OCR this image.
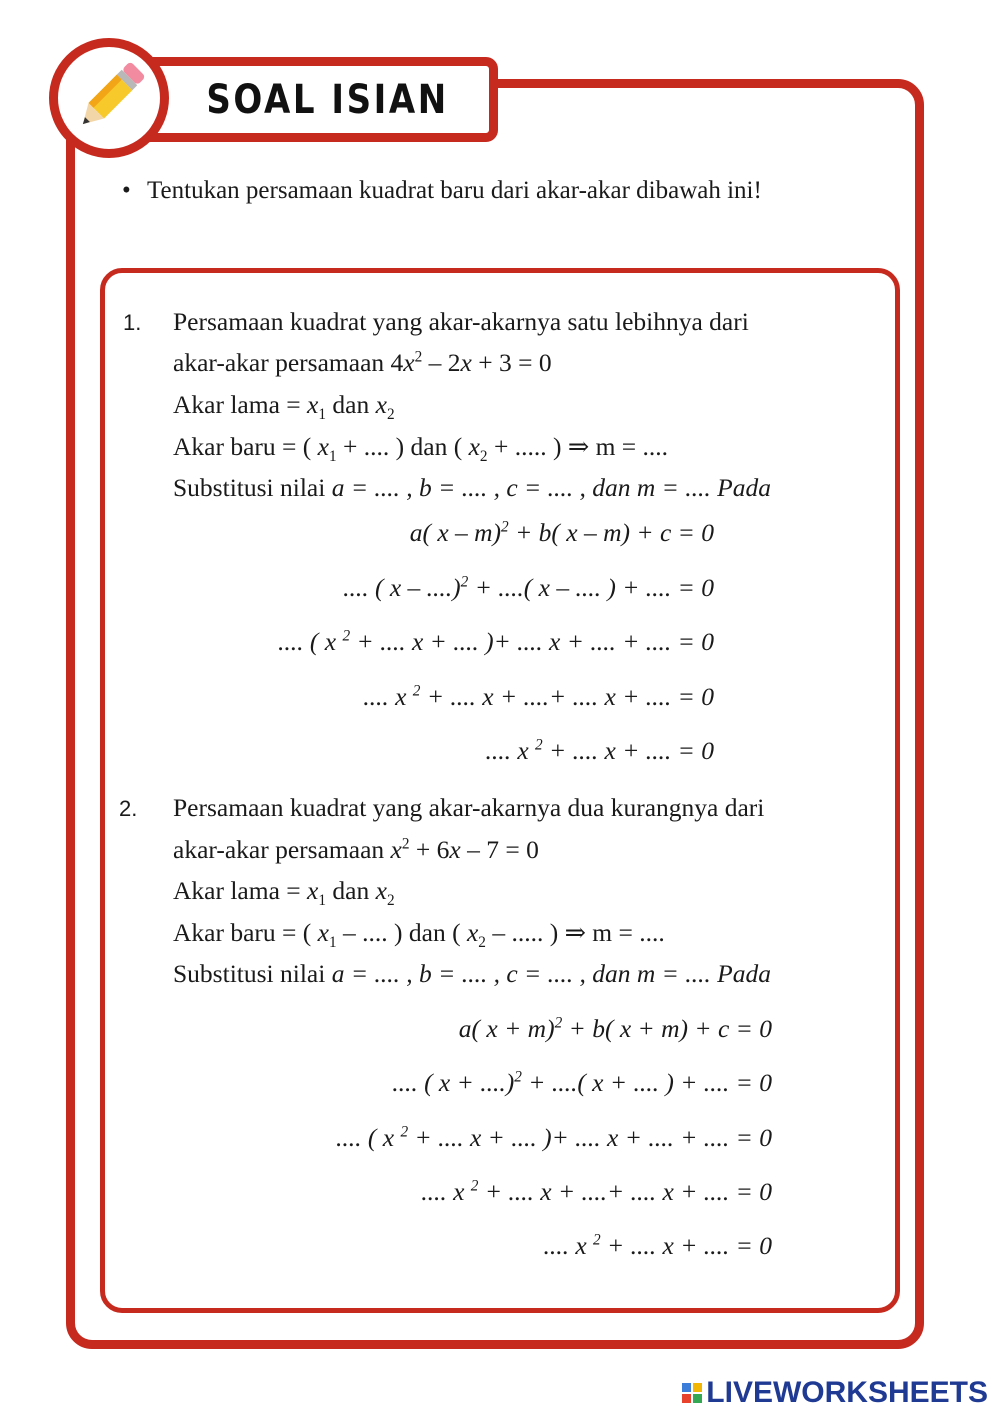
SOAL ISIAN
• Tentukan persamaan kuadrat baru dari akar-akar dibawah ini!
1. Persamaan kuadrat yang akar-akarnya satu lebihnya dari
akar-akar persamaan $4x^2 - 2x + 3 = 0$
Akar lama = $x_1$ dan $x_2$
Akar baru = ( $x_1$ + .... ) dan ( $x_2$ + ..... ) ⇒ m = ....
Substitusi nilai a = .... , b = .... , c = .... , dan m = .... Pada
a( x – m)$^2$ + b( x – m) + c = 0
.... ( x – ....)$^2$ + ....( x – .... ) + .... = 0
.... ( x $^2$ + .... x + .... )+ .... x + .... + .... = 0
.... x $^2$ + .... x + ....+ .... x + .... = 0
.... x $^2$ + .... x + .... = 0
2. Persamaan kuadrat yang akar-akarnya dua kurangnya dari
akar-akar persamaan $x^2 + 6x - 7 = 0$
Akar lama = $x_1$ dan $x_2$
Akar baru = ( $x_1$ – .... ) dan ( $x_2$ – ..... ) ⇒ m = ....
Substitusi nilai a = .... , b = .... , c = .... , dan m = .... Pada
a( x + m)$^2$ + b( x + m) + c = 0
.... ( x + ....)$^2$ + ....( x + .... ) + .... = 0
.... ( x $^2$ + .... x + .... )+ .... x + .... + .... = 0
.... x $^2$ + .... x + ....+ .... x + .... = 0
.... x $^2$ + .... x + .... = 0
LIVEWORKSHEETS
